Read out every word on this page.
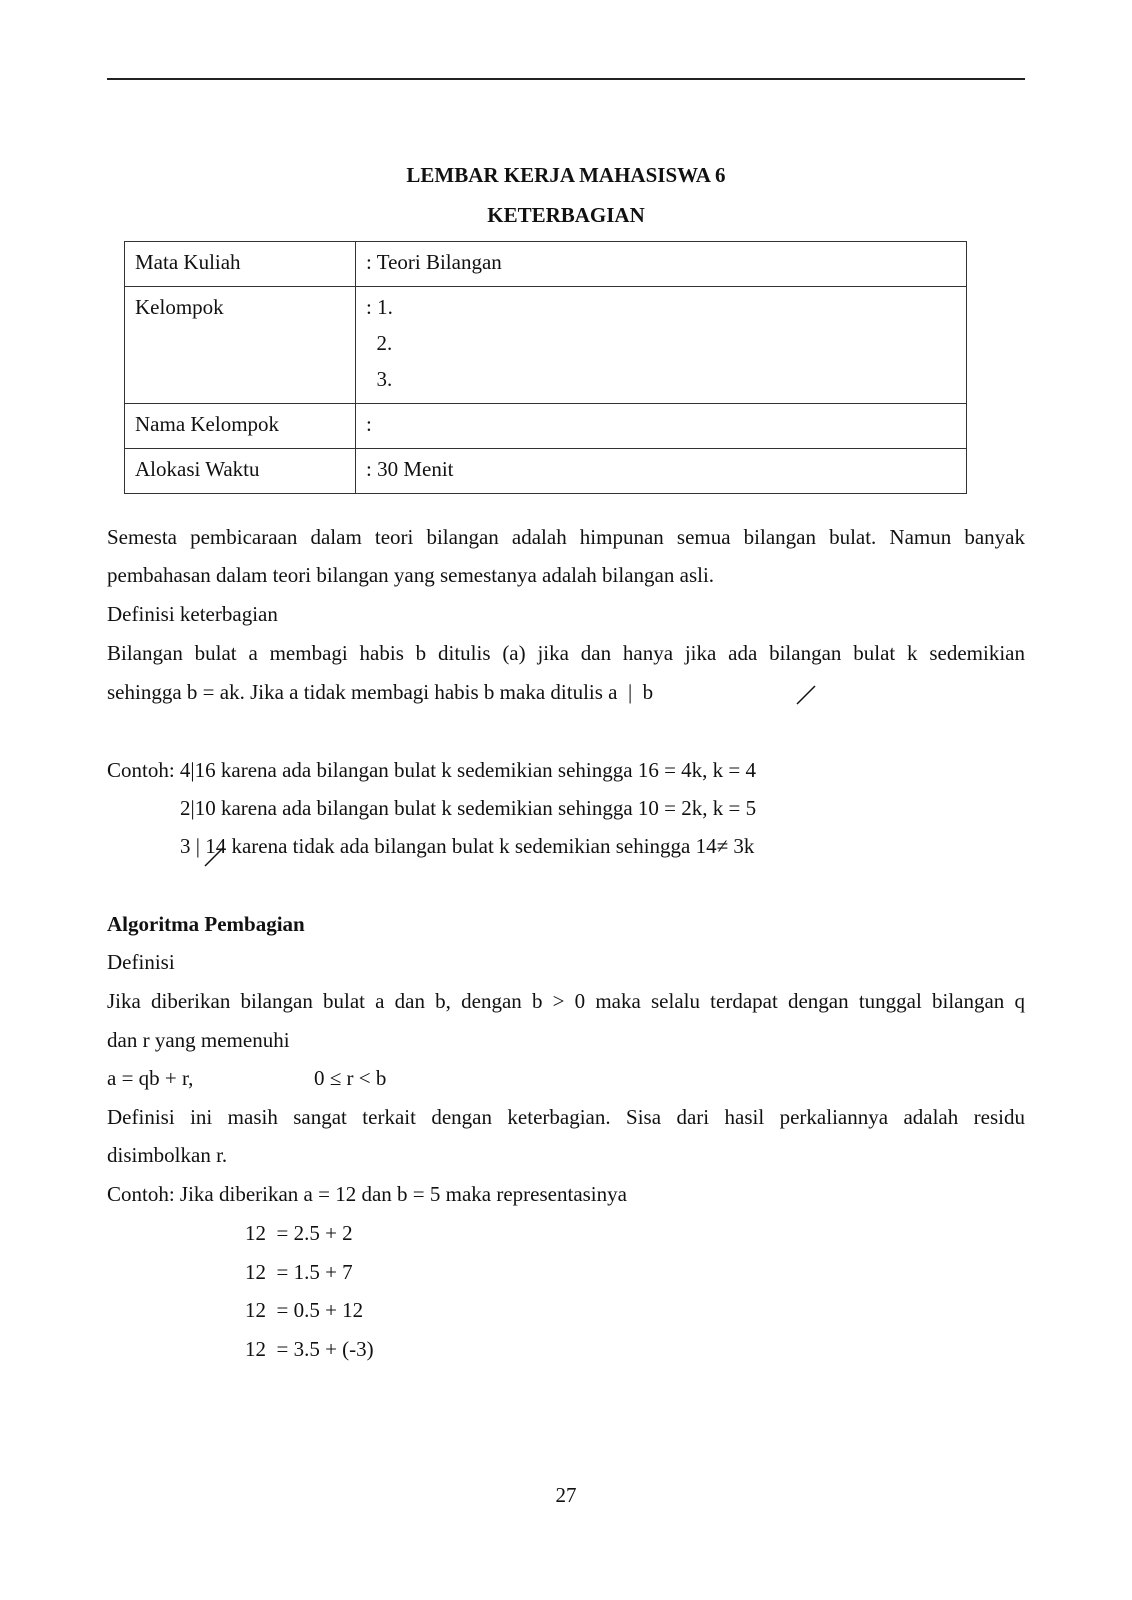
LEMBAR KERJA MAHASISWA 6
KETERBAGIAN
Mata Kuliah	: Teori Bilangan
Kelompok	: 1.
2.
3.

Nama Kelompok	:
Alokasi Waktu	: 30 Menit
Semesta pembicaraan dalam teori bilangan adalah himpunan semua bilangan bulat. Namun banyak
pembahasan dalam teori bilangan yang semestanya adalah bilangan asli.
Definisi keterbagian
Bilangan bulat a membagi habis b ditulis (a) jika dan hanya jika ada bilangan bulat k sedemikian
sehingga b = ak. Jika a tidak membagi habis b maka ditulis a  |  b
Contoh: 4|16 karena ada bilangan bulat k sedemikian sehingga 16 = 4k, k = 4
2|10 karena ada bilangan bulat k sedemikian sehingga 10 = 2k, k = 5
3 | 14 karena tidak ada bilangan bulat k sedemikian sehingga 14≠ 3k
Algoritma Pembagian
Definisi
Jika diberikan bilangan bulat a dan b, dengan b > 0 maka selalu terdapat dengan tunggal bilangan q
dan r yang memenuhi
a = qb + r,	0 ≤ r < b
Definisi ini masih sangat terkait dengan keterbagian. Sisa dari hasil perkaliannya adalah residu
disimbolkan r.
Contoh: Jika diberikan a = 12 dan b = 5 maka representasinya
12  = 2.5 + 2
12  = 1.5 + 7
12  = 0.5 + 12
12  = 3.5 + (-3)
27
